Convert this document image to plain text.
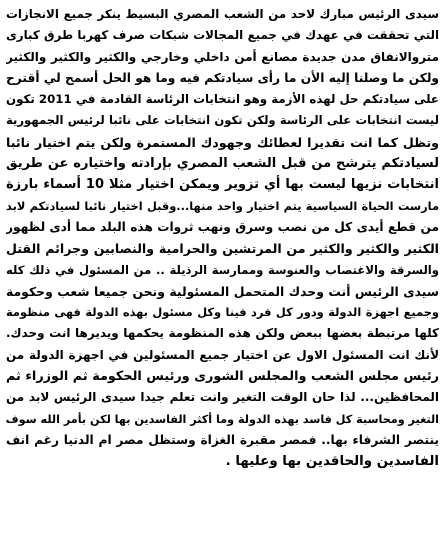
سيدى الرئيس مبارك لاحد من الشعب المصري البسيط ينكر جميع الانجازات
التي تحققت في عهدك في جميع المجالات شبكات صرف كهربا طرق كبارى
متروالانفاق مدن جديدة مصانع أمن داخلي وخارجي والكثير والكثير والكثير
ولكن ما وصلنا إليه الأن ما رأى سيادتكم فيه وما هو الحل أسمح لي أقترح
على سيادتكم حل لهذه الأزمة وهو انتخابات الرئاسة القادمة في 2011 تكون
ليست انتخابات على الرئاسة ولكن تكون انتخابات على نائبا لرئيس الجمهورية
وتظل كما انت تقديرا لعطائك وجهودك المستمرة ولكن يتم اختيار نائبا
لسيادتكم يترشح من قبل الشعب المصري بإرادته واختياره عن طريق
انتخابات نزيها ليست بها أي تزوير ويمكن اختيار مثلا 10 أسماء بارزة
مارست الحياة السياسية يتم اختيار واحد منها...وقبل اختيار نائبا لسيادتكم لابد
من قطع أيدى كل من نصب وسرق ونهب ثروات هذه البلد مما أدى لظهور
الكثير والكثير والكثير من المرتشين والحرامية والنصابين وجرائم القتل
والسرقة والاغتصاب والعنوسة وممارسة الرذيلة .. من المسئول في ذلك كله
سيدى الرئيس أنت وحدك المتحمل المسئولية ونحن جميعا شعب وحكومة
وجميع اجهزة الدولة ودور كل فرد فينا وكل مسئول بهذه الدولة فهى منظومة
كلها مرتبطة بعضها ببعض ولكن هذه المنظومة يحكمها ويديرها انت وحدك.
لأنك انت المسئول الاول عن اختيار جميع المسئولين في اجهزة الدولة من
رئيس مجلس الشعب والمجلس الشورى ورئيس الحكومة ثم الوزراء ثم
المحافظين... لذا حان الوقت التغير وانت تعلم جيدا سيدى الرئيس لابد من
التغير ومحاسبة كل فاسد بهذه الدولة وما أكثر الفاسدين بها لكن بأمر الله سوف
ينتصر الشرفاء بها.. فمصر مقبرة الغزاة وستظل مصر ام الدنيا رغم انف
الفاسدين والحاقدين بها وعليها .
